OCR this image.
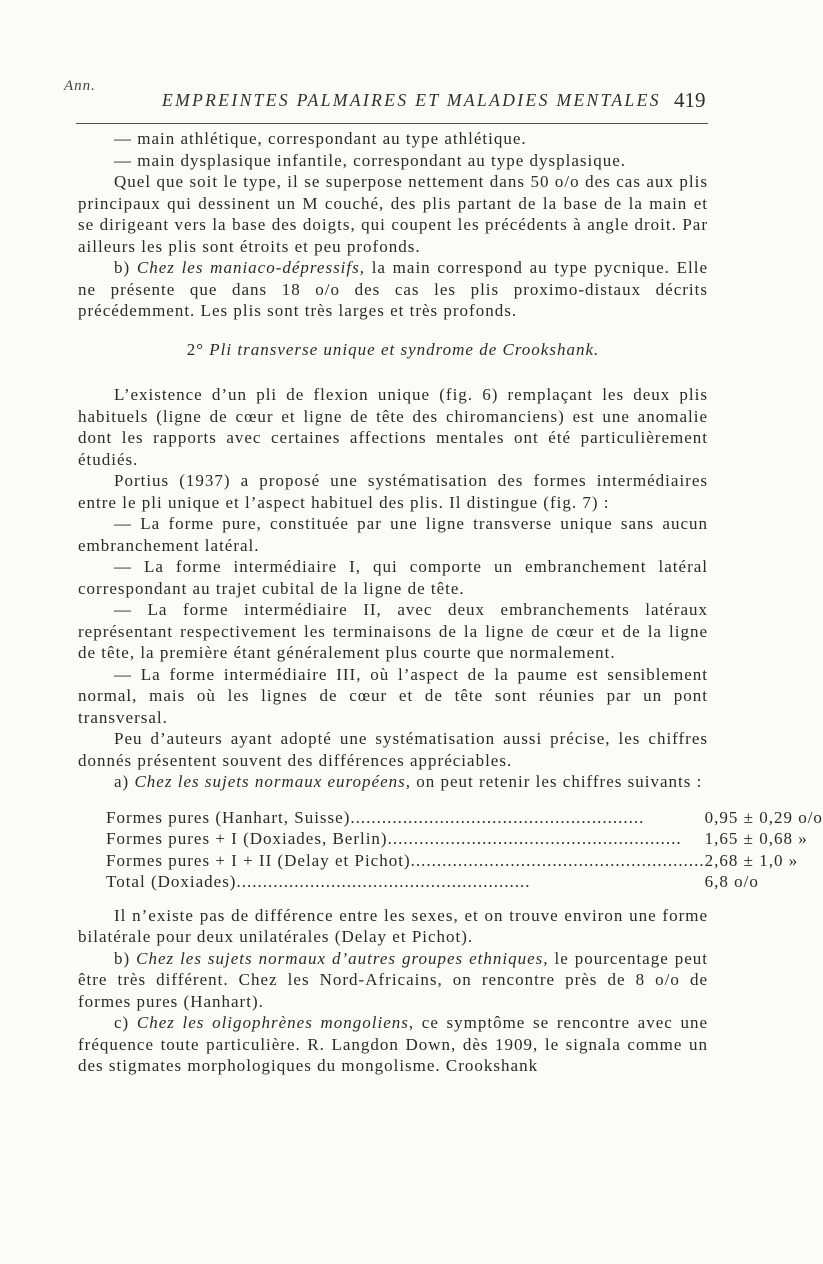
Ann.
EMPREINTES PALMAIRES ET MALADIES MENTALES 419

— main athlétique, correspondant au type athlétique.

— main dysplasique infantile, correspondant au type dysplasique.

Quel que soit le type, il se superpose nettement dans 50 o/o des cas aux plis principaux qui dessinent un M couché, des plis partant de la base de la main et se dirigeant vers la base des doigts, qui coupent les précédents à angle droit. Par ailleurs les plis sont étroits et peu profonds.

b) Chez les maniaco-dépressifs, la main correspond au type pycnique. Elle ne présente que dans 18 o/o des cas les plis proximo-distaux décrits précédemment. Les plis sont très larges et très profonds.

2° Pli transverse unique et syndrome de Crookshank.

L’existence d’un pli de flexion unique (fig. 6) remplaçant les deux plis habituels (ligne de cœur et ligne de tête des chiromanciens) est une anomalie dont les rapports avec certaines affections mentales ont été particulièrement étudiés.

Portius (1937) a proposé une systématisation des formes intermédiaires entre le pli unique et l’aspect habituel des plis. Il distingue (fig. 7) :

— La forme pure, constituée par une ligne transverse unique sans aucun embranchement latéral.

— La forme intermédiaire I, qui comporte un embranchement latéral correspondant au trajet cubital de la ligne de tête.

— La forme intermédiaire II, avec deux embranchements latéraux représentant respectivement les terminaisons de la ligne de cœur et de la ligne de tête, la première étant généralement plus courte que normalement.

— La forme intermédiaire III, où l’aspect de la paume est sensiblement normal, mais où les lignes de cœur et de tête sont réunies par un pont transversal.

Peu d’auteurs ayant adopté une systématisation aussi précise, les chiffres donnés présentent souvent des différences appréciables.

a) Chez les sujets normaux européens, on peut retenir les chiffres suivants :

Formes pures (Hanhart, Suisse)........................................................	0,95 ± 0,29 o/o
Formes pures + I (Doxiades, Berlin)........................................................	1,65 ± 0,68 »
Formes pures + I + II (Delay et Pichot)........................................................	2,68 ± 1,0 »
Total (Doxiades)........................................................	6,8 o/o

Il n’existe pas de différence entre les sexes, et on trouve environ une forme bilatérale pour deux unilatérales (Delay et Pichot).

b) Chez les sujets normaux d’autres groupes ethniques, le pourcentage peut être très différent. Chez les Nord-Africains, on rencontre près de 8 o/o de formes pures (Hanhart).

c) Chez les oligophrènes mongoliens, ce symptôme se rencontre avec une fréquence toute particulière. R. Langdon Down, dès 1909, le signala comme un des stigmates morphologiques du mongolisme. Crookshank
